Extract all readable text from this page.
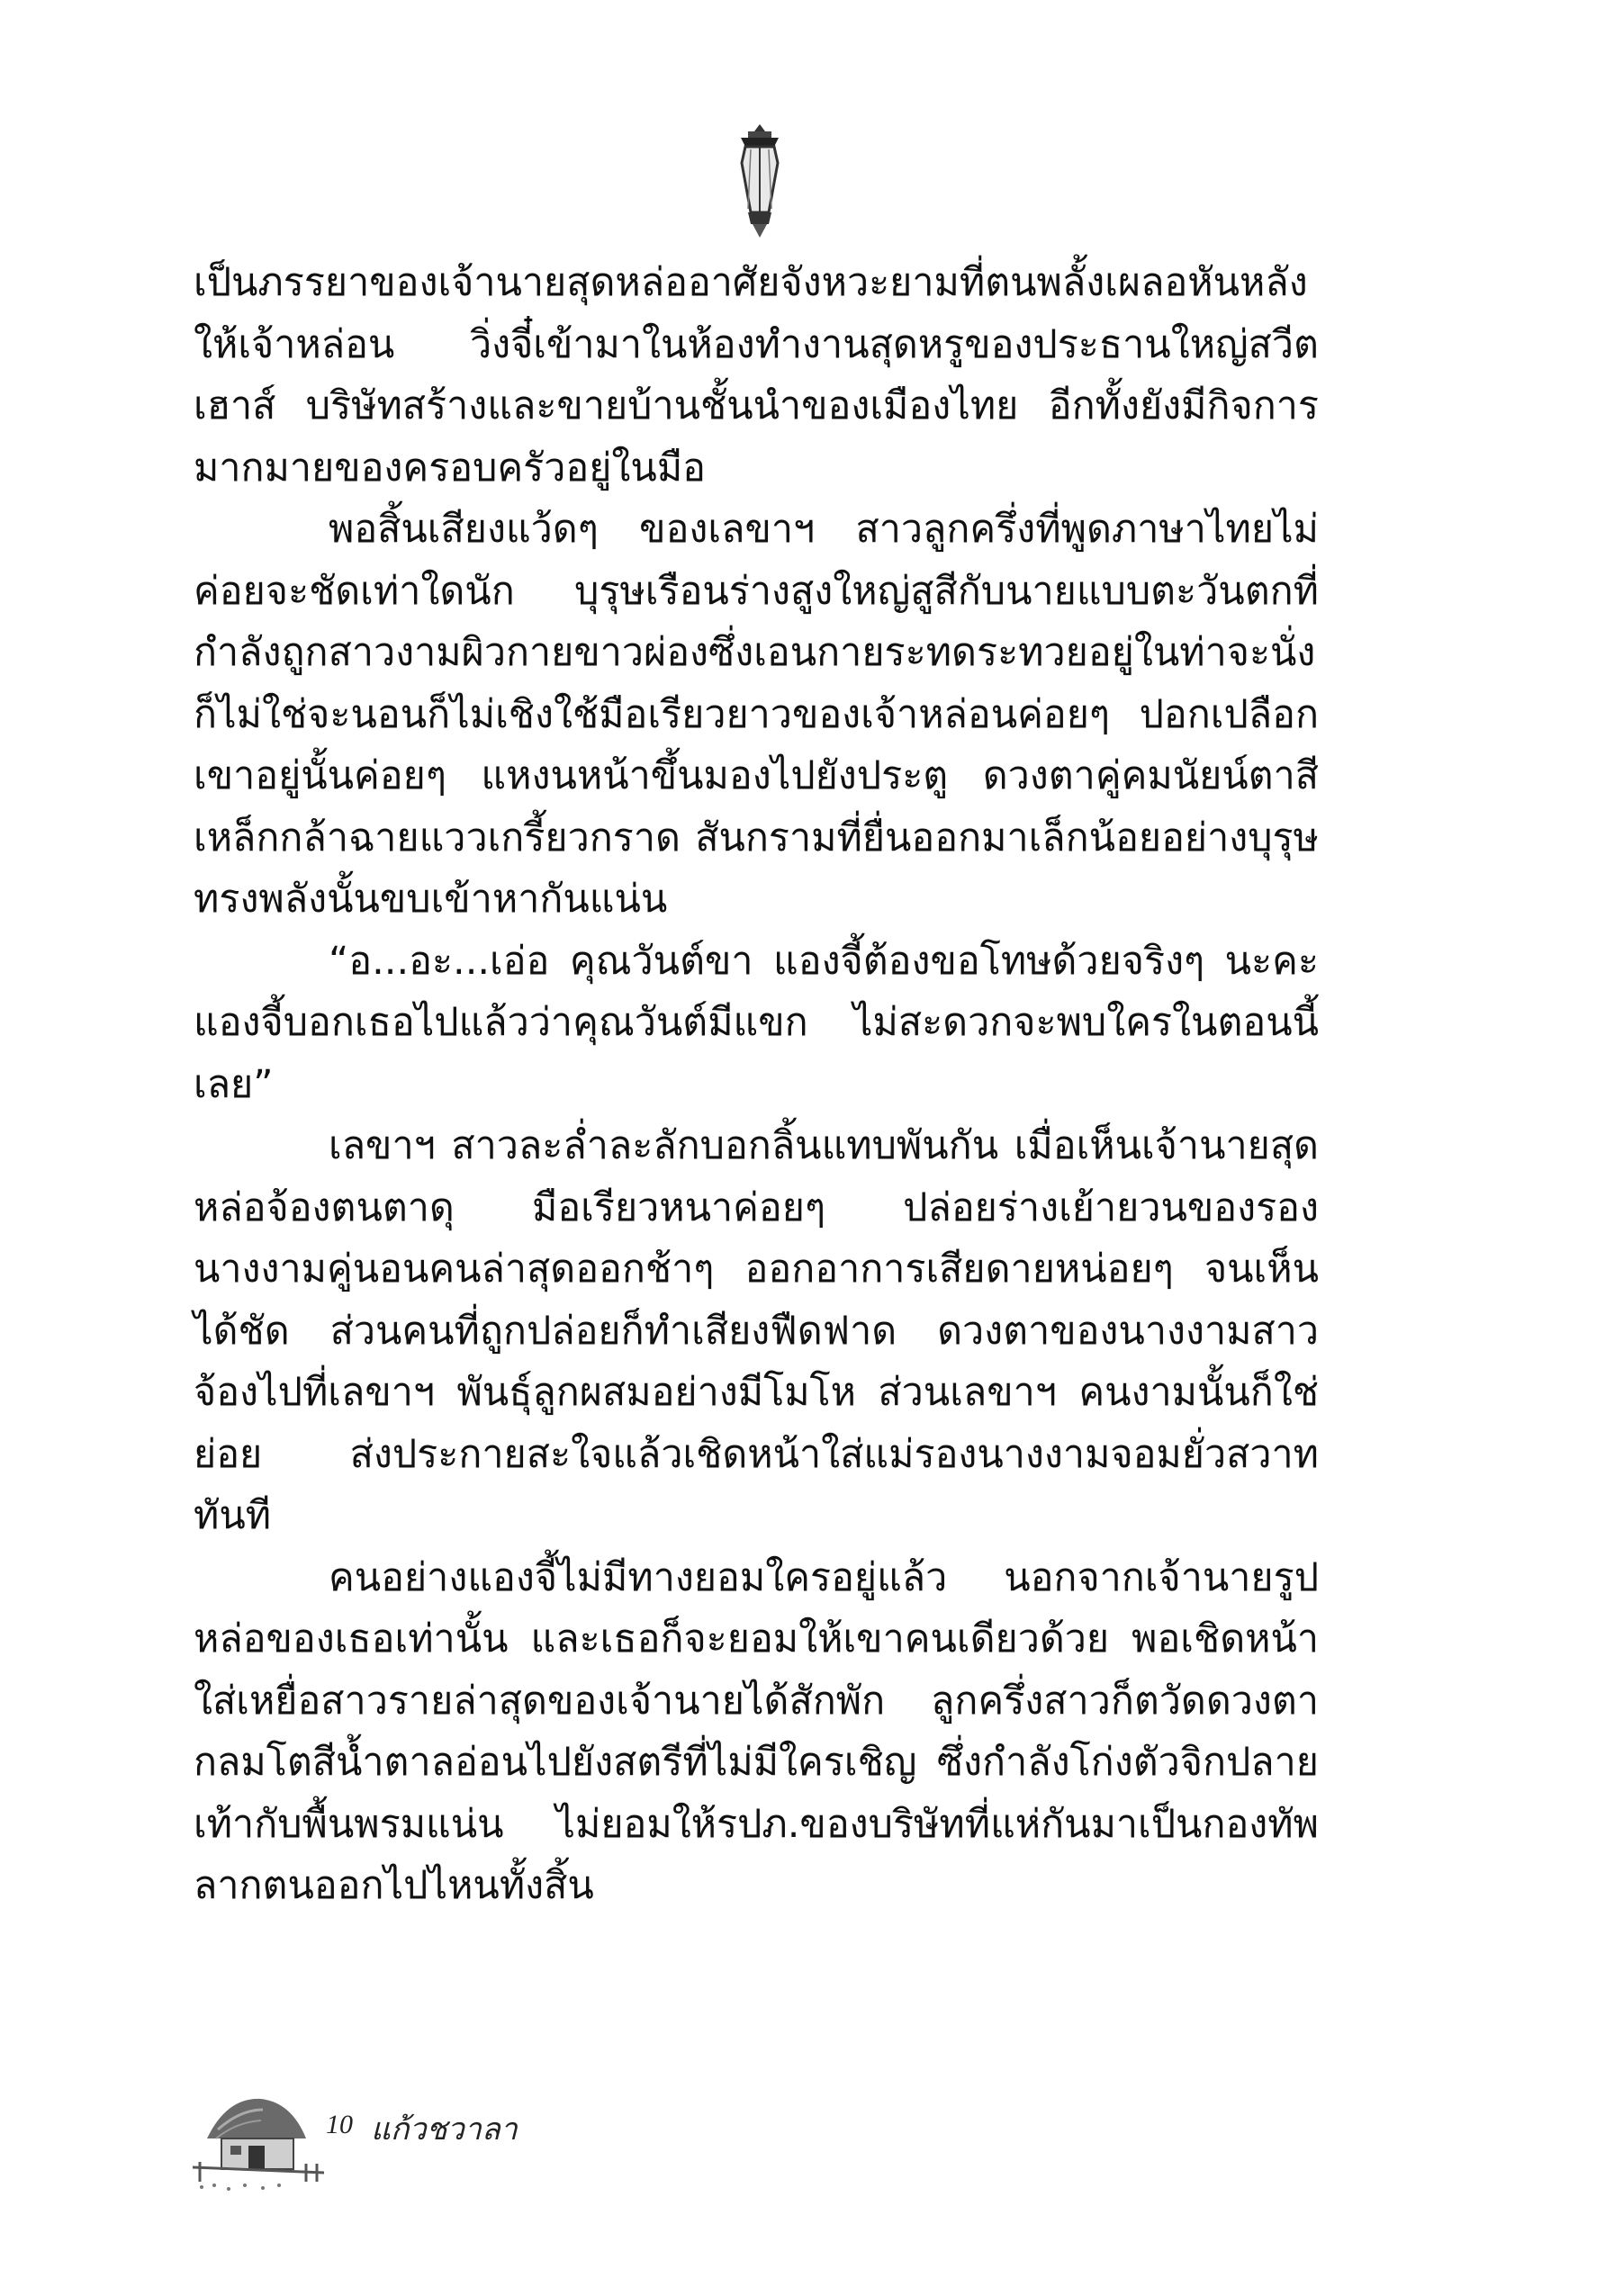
เป็นภรรยาของเจ้านายสุดหล่ออาศัยจังหวะยามที่ตนพลั้งเผลอหันหลังให้เจ้าหล่อน วิ่งจี๋เข้ามาในห้องทำงานสุดหรูของประธานใหญ่สวีต เฮาส์ บริษัทสร้างและขายบ้านชั้นนำของเมืองไทย อีกทั้งยังมีกิจการมากมายของครอบครัวอยู่ในมือ

พอสิ้นเสียงแว้ดๆ ของเลขาฯ สาวลูกครึ่งที่พูดภาษาไทยไม่ค่อยจะชัดเท่าใดนัก บุรุษเรือนร่างสูงใหญ่สูสีกับนายแบบตะวันตกที่กำลังถูกสาวงามผิวกายขาวผ่องซึ่งเอนกายระทดระทวยอยู่ในท่าจะนั่งก็ไม่ใช่จะนอนก็ไม่เชิงใช้มือเรียวยาวของเจ้าหล่อนค่อยๆ ปอกเปลือกเขาอยู่นั้นค่อยๆ แหงนหน้าขึ้นมองไปยังประตู ดวงตาคู่คมนัยน์ตาสีเหล็กกล้าฉายแววเกรี้ยวกราด สันกรามที่ยื่นออกมาเล็กน้อยอย่างบุรุษทรงพลังนั้นขบเข้าหากันแน่น

“อ...อะ...เอ่อ คุณวันต์ขา แองจี้ต้องขอโทษด้วยจริงๆ นะคะแองจี้บอกเธอไปแล้วว่าคุณวันต์มีแขก ไม่สะดวกจะพบใครในตอนนี้เลย”

เลขาฯ สาวละล่ำละลักบอกลิ้นแทบพันกัน เมื่อเห็นเจ้านายสุดหล่อจ้องตนตาดุ มือเรียวหนาค่อยๆ ปล่อยร่างเย้ายวนของรองนางงามคู่นอนคนล่าสุดออกช้าๆ ออกอาการเสียดายหน่อยๆ จนเห็นได้ชัด ส่วนคนที่ถูกปล่อยก็ทำเสียงฟืดฟาด ดวงตาของนางงามสาวจ้องไปที่เลขาฯ พันธุ์ลูกผสมอย่างมีโมโห ส่วนเลขาฯ คนงามนั้นก็ใช่ย่อย ส่งประกายสะใจแล้วเชิดหน้าใส่แม่รองนางงามจอมยั่วสวาททันที

คนอย่างแองจี้ไม่มีทางยอมใครอยู่แล้ว นอกจากเจ้านายรูปหล่อของเธอเท่านั้น และเธอก็จะยอมให้เขาคนเดียวด้วย พอเชิดหน้าใส่เหยื่อสาวรายล่าสุดของเจ้านายได้สักพัก ลูกครึ่งสาวก็ตวัดดวงตากลมโตสีน้ำตาลอ่อนไปยังสตรีที่ไม่มีใครเชิญ ซึ่งกำลังโก่งตัวจิกปลายเท้ากับพื้นพรมแน่น ไม่ยอมให้รปภ.ของบริษัทที่แห่กันมาเป็นกองทัพลากตนออกไปไหนทั้งสิ้น

10 แก้วชวาลา
